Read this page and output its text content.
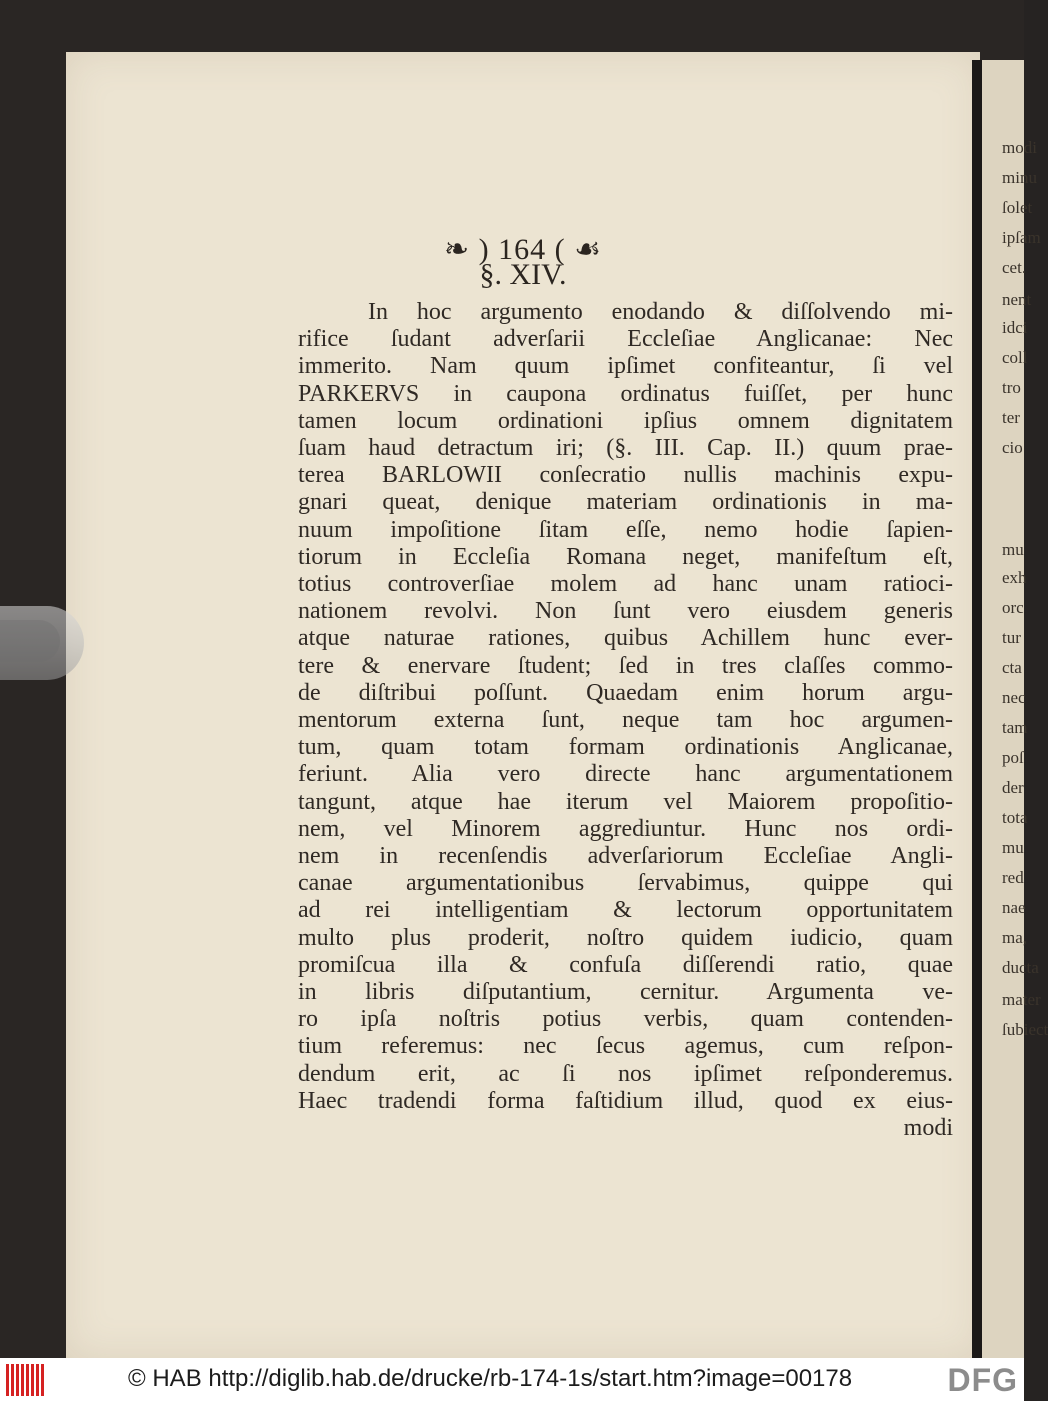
❧ ) 164 ( ☙
§. XIV.
In hoc argumento enodando & diſſolvendo mi-
rifice ſudant adverſarii Eccleſiae Anglicanae: Nec
immerito. Nam quum ipſimet confiteantur, ſi vel
PARKERVS in caupona ordinatus fuiſſet, per hunc
tamen locum ordinationi ipſius omnem dignitatem
ſuam haud detractum iri; (§. III. Cap. II.) quum prae-
terea BARLOWII conſecratio nullis machinis expu-
gnari queat, denique materiam ordinationis in ma-
nuum impoſitione ſitam eſſe, nemo hodie ſapien-
tiorum in Eccleſia Romana neget, manifeſtum eſt,
totius controverſiae molem ad hanc unam ratioci-
nationem revolvi. Non ſunt vero eiusdem generis
atque naturae rationes, quibus Achillem hunc ever-
tere & enervare ſtudent; ſed in tres claſſes commo-
de diſtribui poſſunt. Quaedam enim horum argu-
mentorum externa ſunt, neque tam hoc argumen-
tum, quam totam formam ordinationis Anglicanae,
feriunt. Alia vero directe hanc argumentationem
tangunt, atque hae iterum vel Maiorem propoſitio-
nem, vel Minorem aggrediuntur. Hunc nos ordi-
nem in recenſendis adverſariorum Eccleſiae Angli-
canae argumentationibus ſervabimus, quippe qui
ad rei intelligentiam & lectorum opportunitatem
multo plus proderit, noſtro quidem iudicio, quam
promiſcua illa & confuſa diſſerendi ratio, quae
in libris diſputantium, cernitur. Argumenta ve-
ro ipſa noſtris potius verbis, quam contenden-
tium referemus: nec ſecus agemus, cum reſpon-
dendum erit, ac ſi nos ipſimet reſponderemus.
Haec tradendi forma faſtidium illud, quod ex eius-
modi
modi
minu
ſolet
ipſam
cet.
nent
idci
coll
tro
ter
cio
mu
exh
orc
tur
cta
nec
tam
poſ
der
tota
mu
red
nae
ma,
ducta
mater
ſubiect
© HAB http://diglib.hab.de/drucke/rb-174-1s/start.htm?image=00178	DFG
